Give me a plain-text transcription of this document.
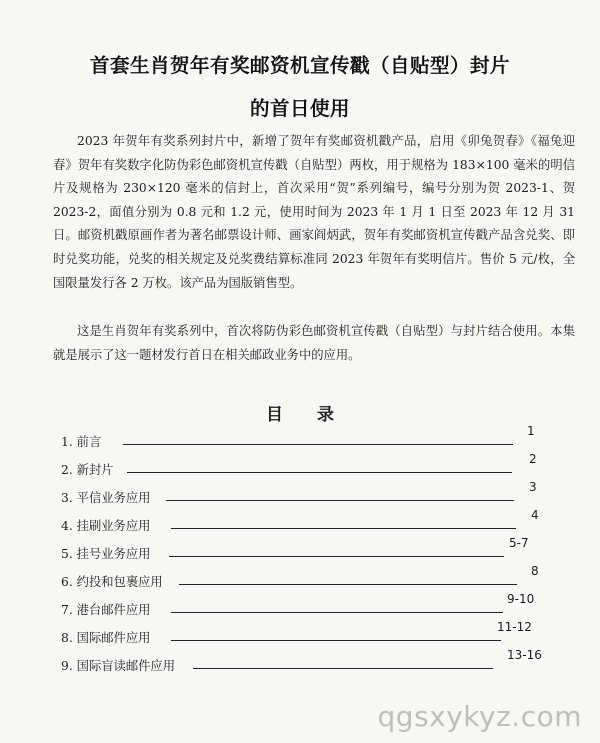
首套生肖贺年有奖邮资机宣传戳（自贴型）封片
的首日使用

2023 年贺年有奖系列封片中，新增了贺年有奖邮资机戳产品，启用《卯兔贺春》《福兔迎春》贺年有奖数字化防伪彩色邮资机宣传戳（自贴型）两枚，用于规格为 183×100 毫米的明信片及规格为 230×120 毫米的信封上，首次采用“贺”系列编号，编号分别为贺 2023-1、贺 2023-2，面值分别为 0.8 元和 1.2 元，使用时间为 2023 年 1 月 1 日至 2023 年 12 月 31 日。邮资机戳原画作者为著名邮票设计师、画家阎炳武，贺年有奖邮资机宣传戳产品含兑奖、即时兑奖功能，兑奖的相关规定及兑奖费结算标准同 2023 年贺年有奖明信片。售价 5 元/枚，全国限量发行各 2 万枚。该产品为国版销售型。

这是生肖贺年有奖系列中，首次将防伪彩色邮资机宣传戳（自贴型）与封片结合使用。本集就是展示了这一题材发行首日在相关邮政业务中的应用。

目录
1. 前言
1
2. 新封片
2
3. 平信业务应用
3
4. 挂刷业务应用
4
5. 挂号业务应用
5-7
6. 约投和包裹应用
8
7. 港台邮件应用
9-10
8. 国际邮件应用
11-12
9. 国际盲读邮件应用
13-16
qgsxykyz.com
